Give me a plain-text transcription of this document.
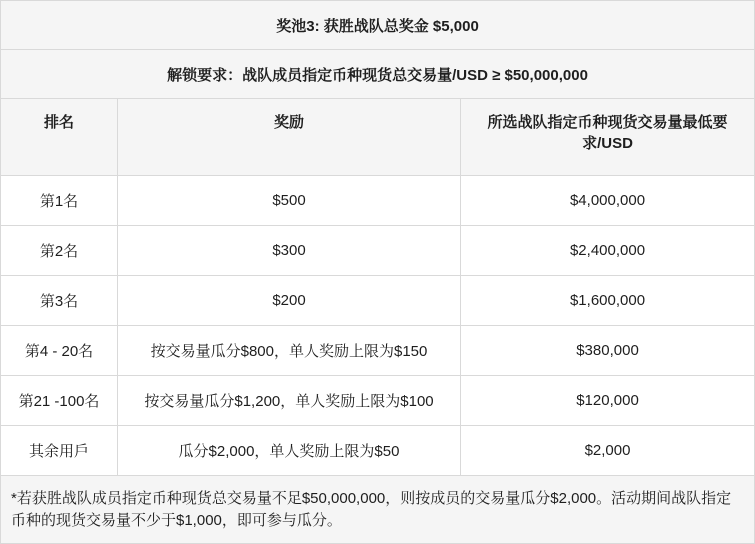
奖池3: 获胜战队总奖金 $5,000		
解锁要求：战队成员指定币种现货总交易量/USD ≥ $50,000,000		
排名	奖励	所选战队指定币种现货交易量最低要求/USD
第1名	$500	$4,000,000
第2名	$300	$2,400,000
第3名	$200	$1,600,000
第4 - 20名	按交易量瓜分$800，单人奖励上限为$150	$380,000
第21 -100名	按交易量瓜分$1,200，单人奖励上限为$100	$120,000
其余用戶	瓜分$2,000，单人奖励上限为$50	$2,000
*若获胜战队成员指定币种现货总交易量不足$50,000,000，则按成员的交易量瓜分$2,000。活动期间战队指定币种的现货交易量不少于$1,000，即可参与瓜分。		
